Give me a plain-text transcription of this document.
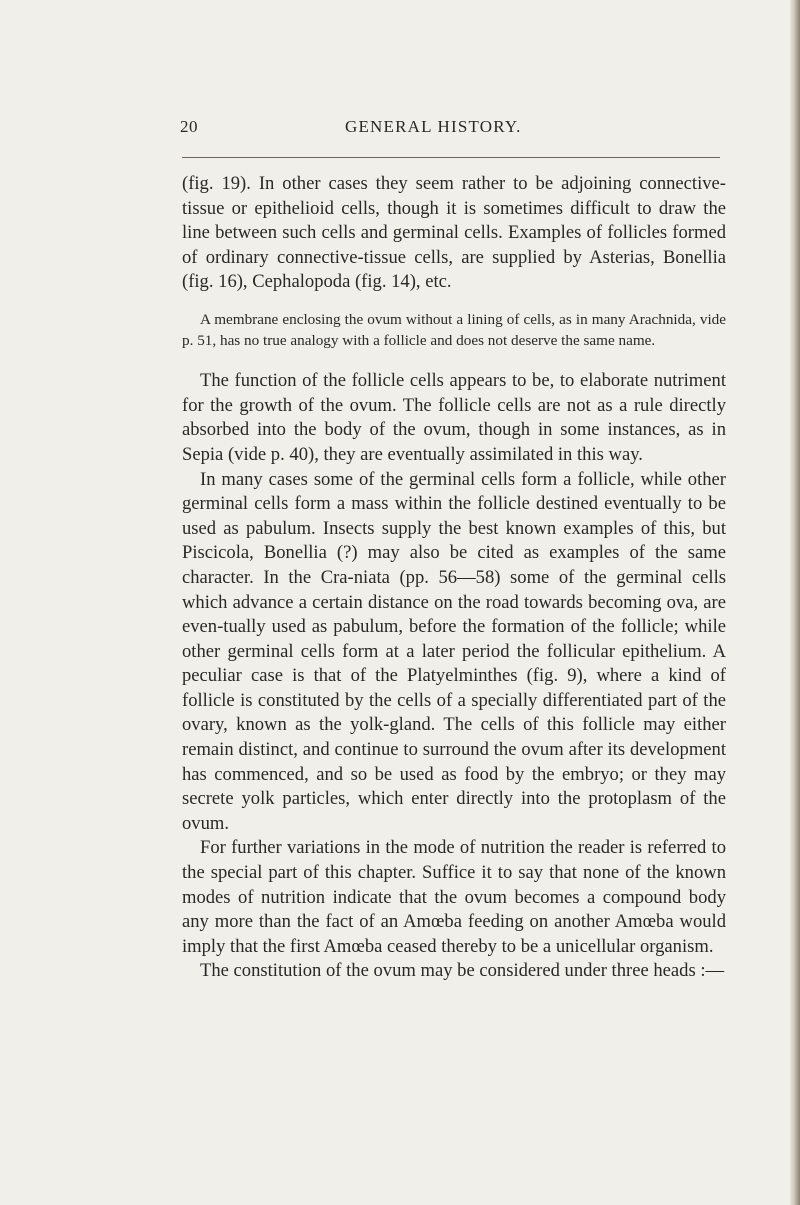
20	GENERAL HISTORY.

(fig. 19). In other cases they seem rather to be adjoining connective-tissue or epithelioid cells, though it is sometimes difficult to draw the line between such cells and germinal cells. Examples of follicles formed of ordinary connective-tissue cells, are supplied by Asterias, Bonellia (fig. 16), Cephalopoda (fig. 14), etc.

A membrane enclosing the ovum without a lining of cells, as in many Arachnida, vide p. 51, has no true analogy with a follicle and does not deserve the same name.

The function of the follicle cells appears to be, to elaborate nutriment for the growth of the ovum. The follicle cells are not as a rule directly absorbed into the body of the ovum, though in some instances, as in Sepia (vide p. 40), they are eventually assimilated in this way.

In many cases some of the germinal cells form a follicle, while other germinal cells form a mass within the follicle destined eventually to be used as pabulum. Insects supply the best known examples of this, but Piscicola, Bonellia (?) may also be cited as examples of the same character. In the Cra-niata (pp. 56—58) some of the germinal cells which advance a certain distance on the road towards becoming ova, are even-tually used as pabulum, before the formation of the follicle; while other germinal cells form at a later period the follicular epithelium. A peculiar case is that of the Platyelminthes (fig. 9), where a kind of follicle is constituted by the cells of a specially differentiated part of the ovary, known as the yolk-gland. The cells of this follicle may either remain distinct, and continue to surround the ovum after its development has commenced, and so be used as food by the embryo; or they may secrete yolk particles, which enter directly into the protoplasm of the ovum.

For further variations in the mode of nutrition the reader is referred to the special part of this chapter. Suffice it to say that none of the known modes of nutrition indicate that the ovum becomes a compound body any more than the fact of an Amœba feeding on another Amœba would imply that the first Amœba ceased thereby to be a unicellular organism.

The constitution of the ovum may be considered under three heads :—
